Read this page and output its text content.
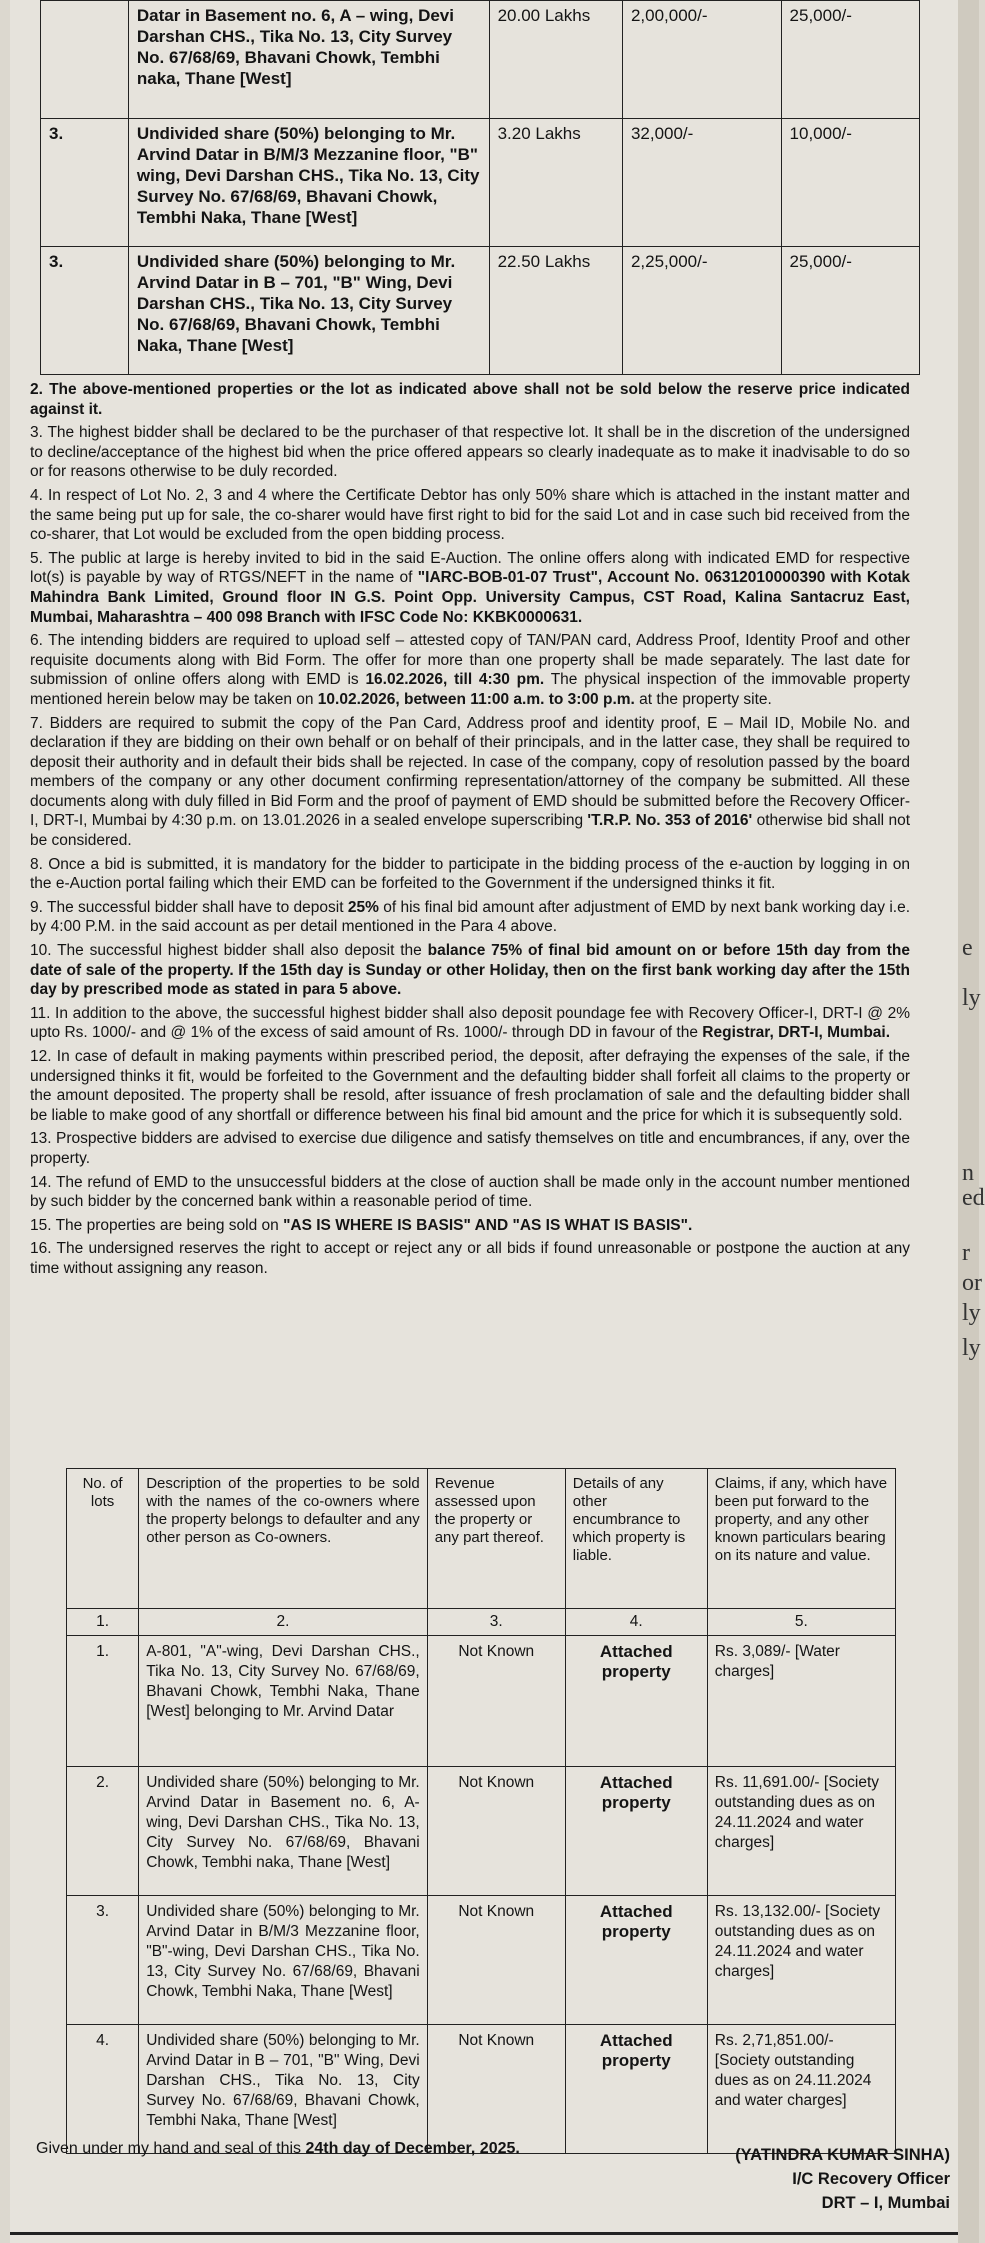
e
ly
n
ed
r
or
ly
ly
	Datar in Basement no. 6, A – wing, Devi Darshan CHS., Tika No. 13, City Survey No. 67/68/69, Bhavani Chowk, Tembhi naka, Thane [West]	20.00 Lakhs	2,00,000/-	25,000/-
3.	Undivided share (50%) belonging to Mr. Arvind Datar in B/M/3 Mezzanine floor, "B" wing, Devi Darshan CHS., Tika No. 13, City Survey No. 67/68/69, Bhavani Chowk, Tembhi Naka, Thane [West]	3.20 Lakhs	32,000/-	10,000/-
3.	Undivided share (50%) belonging to Mr. Arvind Datar in B – 701, "B" Wing, Devi Darshan CHS., Tika No. 13, City Survey No. 67/68/69, Bhavani Chowk, Tembhi Naka, Thane [West]	22.50 Lakhs	2,25,000/-	25,000/-

2. The above-mentioned properties or the lot as indicated above shall not be sold below the reserve price indicated against it.

3. The highest bidder shall be declared to be the purchaser of that respective lot. It shall be in the discretion of the undersigned to decline/acceptance of the highest bid when the price offered appears so clearly inadequate as to make it inadvisable to do so or for reasons otherwise to be duly recorded.

4. In respect of Lot No. 2, 3 and 4 where the Certificate Debtor has only 50% share which is attached in the instant matter and the same being put up for sale, the co-sharer would have first right to bid for the said Lot and in case such bid received from the co-sharer, that Lot would be excluded from the open bidding process.

5. The public at large is hereby invited to bid in the said E-Auction. The online offers along with indicated EMD for respective lot(s) is payable by way of RTGS/NEFT in the name of "IARC-BOB-01-07 Trust", Account No. 06312010000390 with Kotak Mahindra Bank Limited, Ground floor IN G.S. Point Opp. University Campus, CST Road, Kalina Santacruz East, Mumbai, Maharashtra – 400 098 Branch with IFSC Code No: KKBK0000631.

6. The intending bidders are required to upload self – attested copy of TAN/PAN card, Address Proof, Identity Proof and other requisite documents along with Bid Form. The offer for more than one property shall be made separately. The last date for submission of online offers along with EMD is 16.02.2026, till 4:30 pm. The physical inspection of the immovable property mentioned herein below may be taken on 10.02.2026, between 11:00 a.m. to 3:00 p.m. at the property site.

7. Bidders are required to submit the copy of the Pan Card, Address proof and identity proof, E – Mail ID, Mobile No. and declaration if they are bidding on their own behalf or on behalf of their principals, and in the latter case, they shall be required to deposit their authority and in default their bids shall be rejected. In case of the company, copy of resolution passed by the board members of the company or any other document confirming representation/attorney of the company be submitted. All these documents along with duly filled in Bid Form and the proof of payment of EMD should be submitted before the Recovery Officer-I, DRT-I, Mumbai by 4:30 p.m. on 13.01.2026 in a sealed envelope superscribing 'T.R.P. No. 353 of 2016' otherwise bid shall not be considered.

8. Once a bid is submitted, it is mandatory for the bidder to participate in the bidding process of the e-auction by logging in on the e-Auction portal failing which their EMD can be forfeited to the Government if the undersigned thinks it fit.

9. The successful bidder shall have to deposit 25% of his final bid amount after adjustment of EMD by next bank working day i.e. by 4:00 P.M. in the said account as per detail mentioned in the Para 4 above.

10. The successful highest bidder shall also deposit the balance 75% of final bid amount on or before 15th day from the date of sale of the property. If the 15th day is Sunday or other Holiday, then on the first bank working day after the 15th day by prescribed mode as stated in para 5 above.

11. In addition to the above, the successful highest bidder shall also deposit poundage fee with Recovery Officer-I, DRT-I @ 2% upto Rs. 1000/- and @ 1% of the excess of said amount of Rs. 1000/- through DD in favour of the Registrar, DRT-I, Mumbai.

12. In case of default in making payments within prescribed period, the deposit, after defraying the expenses of the sale, if the undersigned thinks it fit, would be forfeited to the Government and the defaulting bidder shall forfeit all claims to the property or the amount deposited. The property shall be resold, after issuance of fresh proclamation of sale and the defaulting bidder shall be liable to make good of any shortfall or difference between his final bid amount and the price for which it is subsequently sold.

13. Prospective bidders are advised to exercise due diligence and satisfy themselves on title and encumbrances, if any, over the property.

14. The refund of EMD to the unsuccessful bidders at the close of auction shall be made only in the account number mentioned by such bidder by the concerned bank within a reasonable period of time.

15. The properties are being sold on "AS IS WHERE IS BASIS" AND "AS IS WHAT IS BASIS".

16. The undersigned reserves the right to accept or reject any or all bids if found unreasonable or postpone the auction at any time without assigning any reason.

No. of lots	Description of the properties to be sold with the names of the co-owners where the property belongs to defaulter and any other person as Co-owners.	Revenue assessed upon the property or any part thereof.	Details of any other encumbrance to which property is liable.	Claims, if any, which have been put forward to the property, and any other known particulars bearing on its nature and value.
1.	2.	3.	4.	5.
1.	A-801, "A"-wing, Devi Darshan CHS., Tika No. 13, City Survey No. 67/68/69, Bhavani Chowk, Tembhi Naka, Thane [West] belonging to Mr. Arvind Datar	Not Known	Attached property	Rs. 3,089/- [Water charges]
2.	Undivided share (50%) belonging to Mr. Arvind Datar in Basement no. 6, A-wing, Devi Darshan CHS., Tika No. 13, City Survey No. 67/68/69, Bhavani Chowk, Tembhi naka, Thane [West]	Not Known	Attached property	Rs. 11,691.00/- [Society outstanding dues as on 24.11.2024 and water charges]
3.	Undivided share (50%) belonging to Mr. Arvind Datar in B/M/3 Mezzanine floor, "B"-wing, Devi Darshan CHS., Tika No. 13, City Survey No. 67/68/69, Bhavani Chowk, Tembhi Naka, Thane [West]	Not Known	Attached property	Rs. 13,132.00/- [Society outstanding dues as on 24.11.2024 and water charges]
4.	Undivided share (50%) belonging to Mr. Arvind Datar in B – 701, "B" Wing, Devi Darshan CHS., Tika No. 13, City Survey No. 67/68/69, Bhavani Chowk, Tembhi Naka, Thane [West]	Not Known	Attached property	Rs. 2,71,851.00/- [Society outstanding dues as on 24.11.2024 and water charges]
Given under my hand and seal of this 24th day of December, 2025.	(YATINDRA KUMAR SINHA)
I/C Recovery Officer
DRT – I, Mumbai
